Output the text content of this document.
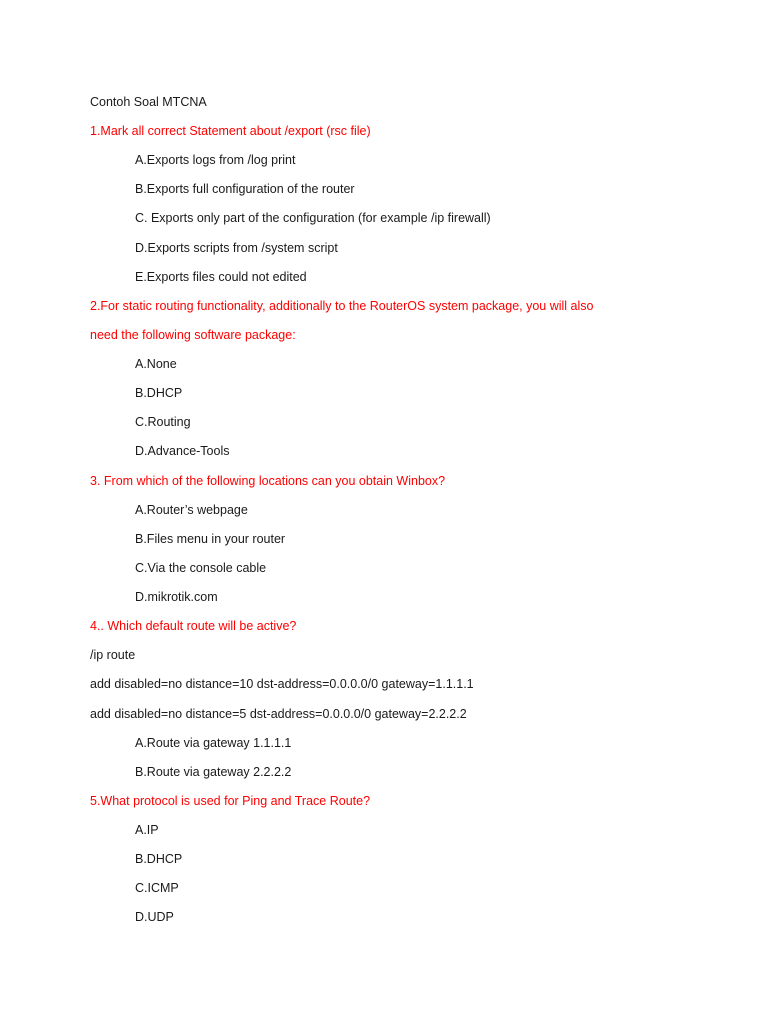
Contoh Soal MTCNA
1.Mark all correct Statement about /export (rsc file)
A.Exports logs from /log print
B.Exports full configuration of the router
C. Exports only part of the configuration (for example /ip firewall)
D.Exports scripts from /system script
E.Exports files could not edited
2.For static routing functionality, additionally to the RouterOS system package, you will also
need the following software package:
A.None
B.DHCP
C.Routing
D.Advance-Tools
3. From which of the following locations can you obtain Winbox?
A.Router’s webpage
B.Files menu in your router
C.Via the console cable
D.mikrotik.com
4.. Which default route will be active?
/ip route
add disabled=no distance=10 dst-address=0.0.0.0/0 gateway=1.1.1.1
add disabled=no distance=5 dst-address=0.0.0.0/0 gateway=2.2.2.2
A.Route via gateway 1.1.1.1
B.Route via gateway 2.2.2.2
5.What protocol is used for Ping and Trace Route?
A.IP
B.DHCP
C.ICMP
D.UDP
